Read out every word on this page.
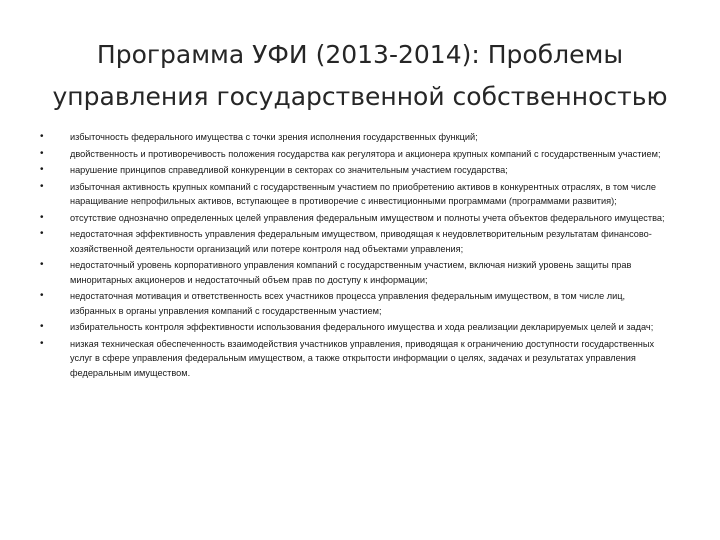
Программа УФИ (2013-2014): Проблемы управления государственной собственностью
•	избыточность федерального имущества с точки зрения исполнения государственных функций;
•	двойственность и противоречивость положения государства как регулятора и акционера крупных компаний с государственным участием;
•	нарушение принципов справедливой конкуренции в секторах со значительным участием государства;
•	избыточная активность крупных компаний с государственным участием по приобретению активов в конкурентных отраслях, в том числе наращивание непрофильных активов, вступающее в противоречие с инвестиционными программами (программами развития);
•	отсутствие однозначно определенных целей управления федеральным имуществом и полноты учета объектов федерального имущества;
•	недостаточная эффективность управления федеральным имуществом, приводящая к неудовлетворительным результатам финансово-хозяйственной деятельности организаций или потере контроля над объектами управления;
•	недостаточный уровень корпоративного управления компаний с государственным участием, включая низкий уровень защиты прав миноритарных акционеров и недостаточный объем прав по доступу к информации;
•	недостаточная мотивация и ответственность всех участников процесса управления федеральным имуществом, в том числе лиц, избранных в органы управления компаний с государственным участием;
•	избирательность контроля эффективности использования федерального имущества и хода реализации декларируемых целей и задач;
•	низкая техническая обеспеченность взаимодействия участников управления, приводящая к ограничению доступности государственных услуг в сфере управления федеральным имуществом, а также открытости информации о целях, задачах и результатах управления федеральным имуществом.
